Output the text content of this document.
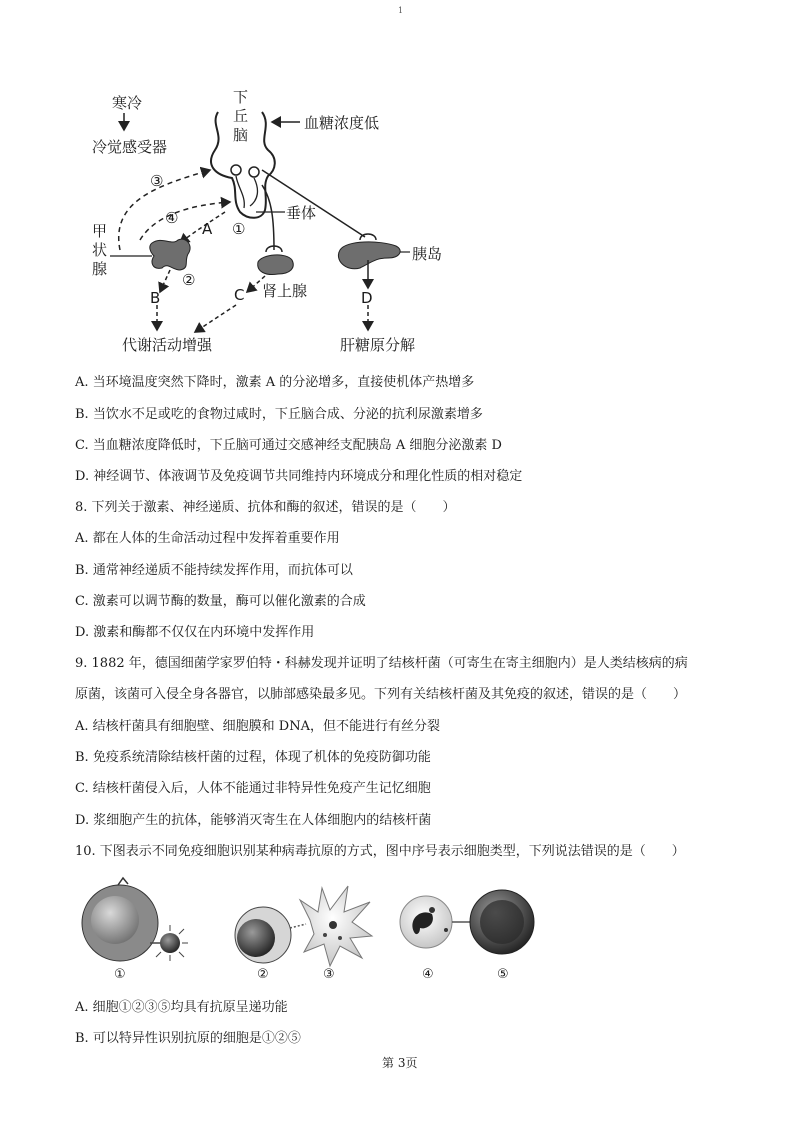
1
寒冷
冷觉感受器
下丘脑
血糖浓度低
垂体
甲状腺
肾上腺
胰岛
代谢活动增强	肝糖原分解
A
B	C	D
①
②
③
④
A. 当环境温度突然下降时，激素 A 的分泌增多，直接使机体产热增多
B. 当饮水不足或吃的食物过咸时，下丘脑合成、分泌的抗利尿激素增多
C. 当血糖浓度降低时，下丘脑可通过交感神经支配胰岛 A 细胞分泌激素 D
D. 神经调节、体液调节及免疫调节共同维持内环境成分和理化性质的相对稳定
8. 下列关于激素、神经递质、抗体和酶的叙述，错误的是（　　）
A. 都在人体的生命活动过程中发挥着重要作用
B. 通常神经递质不能持续发挥作用，而抗体可以
C. 激素可以调节酶的数量，酶可以催化激素的合成
D. 激素和酶都不仅仅在内环境中发挥作用
9. 1882 年，德国细菌学家罗伯特・科赫发现并证明了结核杆菌（可寄生在寄主细胞内）是人类结核病的病
原菌，该菌可入侵全身各器官，以肺部感染最多见。下列有关结核杆菌及其免疫的叙述，错误的是（　　）
A. 结核杆菌具有细胞壁、细胞膜和 DNA，但不能进行有丝分裂
B. 免疫系统清除结核杆菌的过程，体现了机体的免疫防御功能
C. 结核杆菌侵入后，人体不能通过非特异性免疫产生记忆细胞
D. 浆细胞产生的抗体，能够消灭寄生在人体细胞内的结核杆菌
10. 下图表示不同免疫细胞识别某种病毒抗原的方式，图中序号表示细胞类型，下列说法错误的是（　　）
①	②	③	④	⑤
A. 细胞①②③⑤均具有抗原呈递功能
B. 可以特异性识别抗原的细胞是①②⑤
第 3页
